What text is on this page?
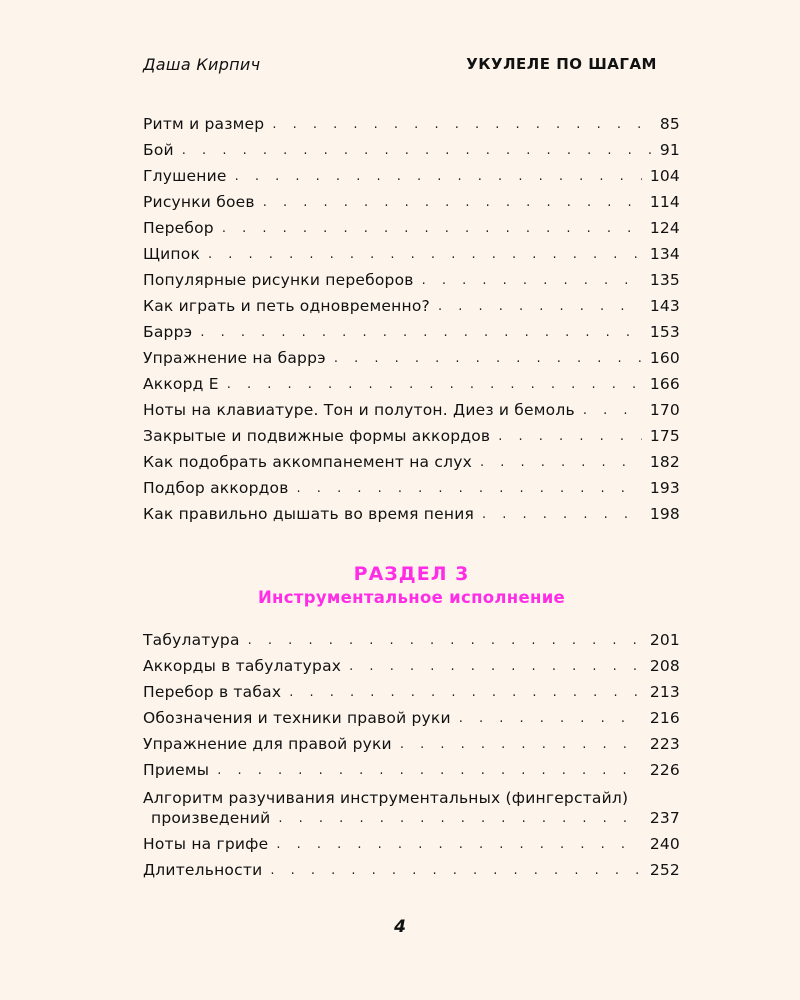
Даша Кирпич	УКУЛЕЛЕ ПО ШАГАМ
Ритм и размер . . .	85
Бой . . .	91
Глушение . . .	104
Рисунки боев . . .	114
Перебор . . .	124
Щипок . . .	134
Популярные рисунки переборов . . .	135
Как играть и петь одновременно? . . .	143
Баррэ . . .	153
Упражнение на баррэ . . .	160
Аккорд Е . . .	166
Ноты на клавиатуре. Тон и полутон. Диез и бемоль . . .	170
Закрытые и подвижные формы аккордов . . .	175
Как подобрать аккомпанемент на слух . . .	182
Подбор аккордов . . .	193
Как правильно дышать во время пения . . .	198
РАЗДЕЛ 3
Инструментальное исполнение
Табулатура . . .	201
Аккорды в табулатурах . . .	208
Перебор в табах . . .	213
Обозначения и техники правой руки . . .	216
Упражнение для правой руки . . .	223
Приемы . . .	226
Алгоритм разучивания инструментальных (фингерстайл)
произведений . . .	237
Ноты на грифе . . .	240
Длительности . . .	252
4
